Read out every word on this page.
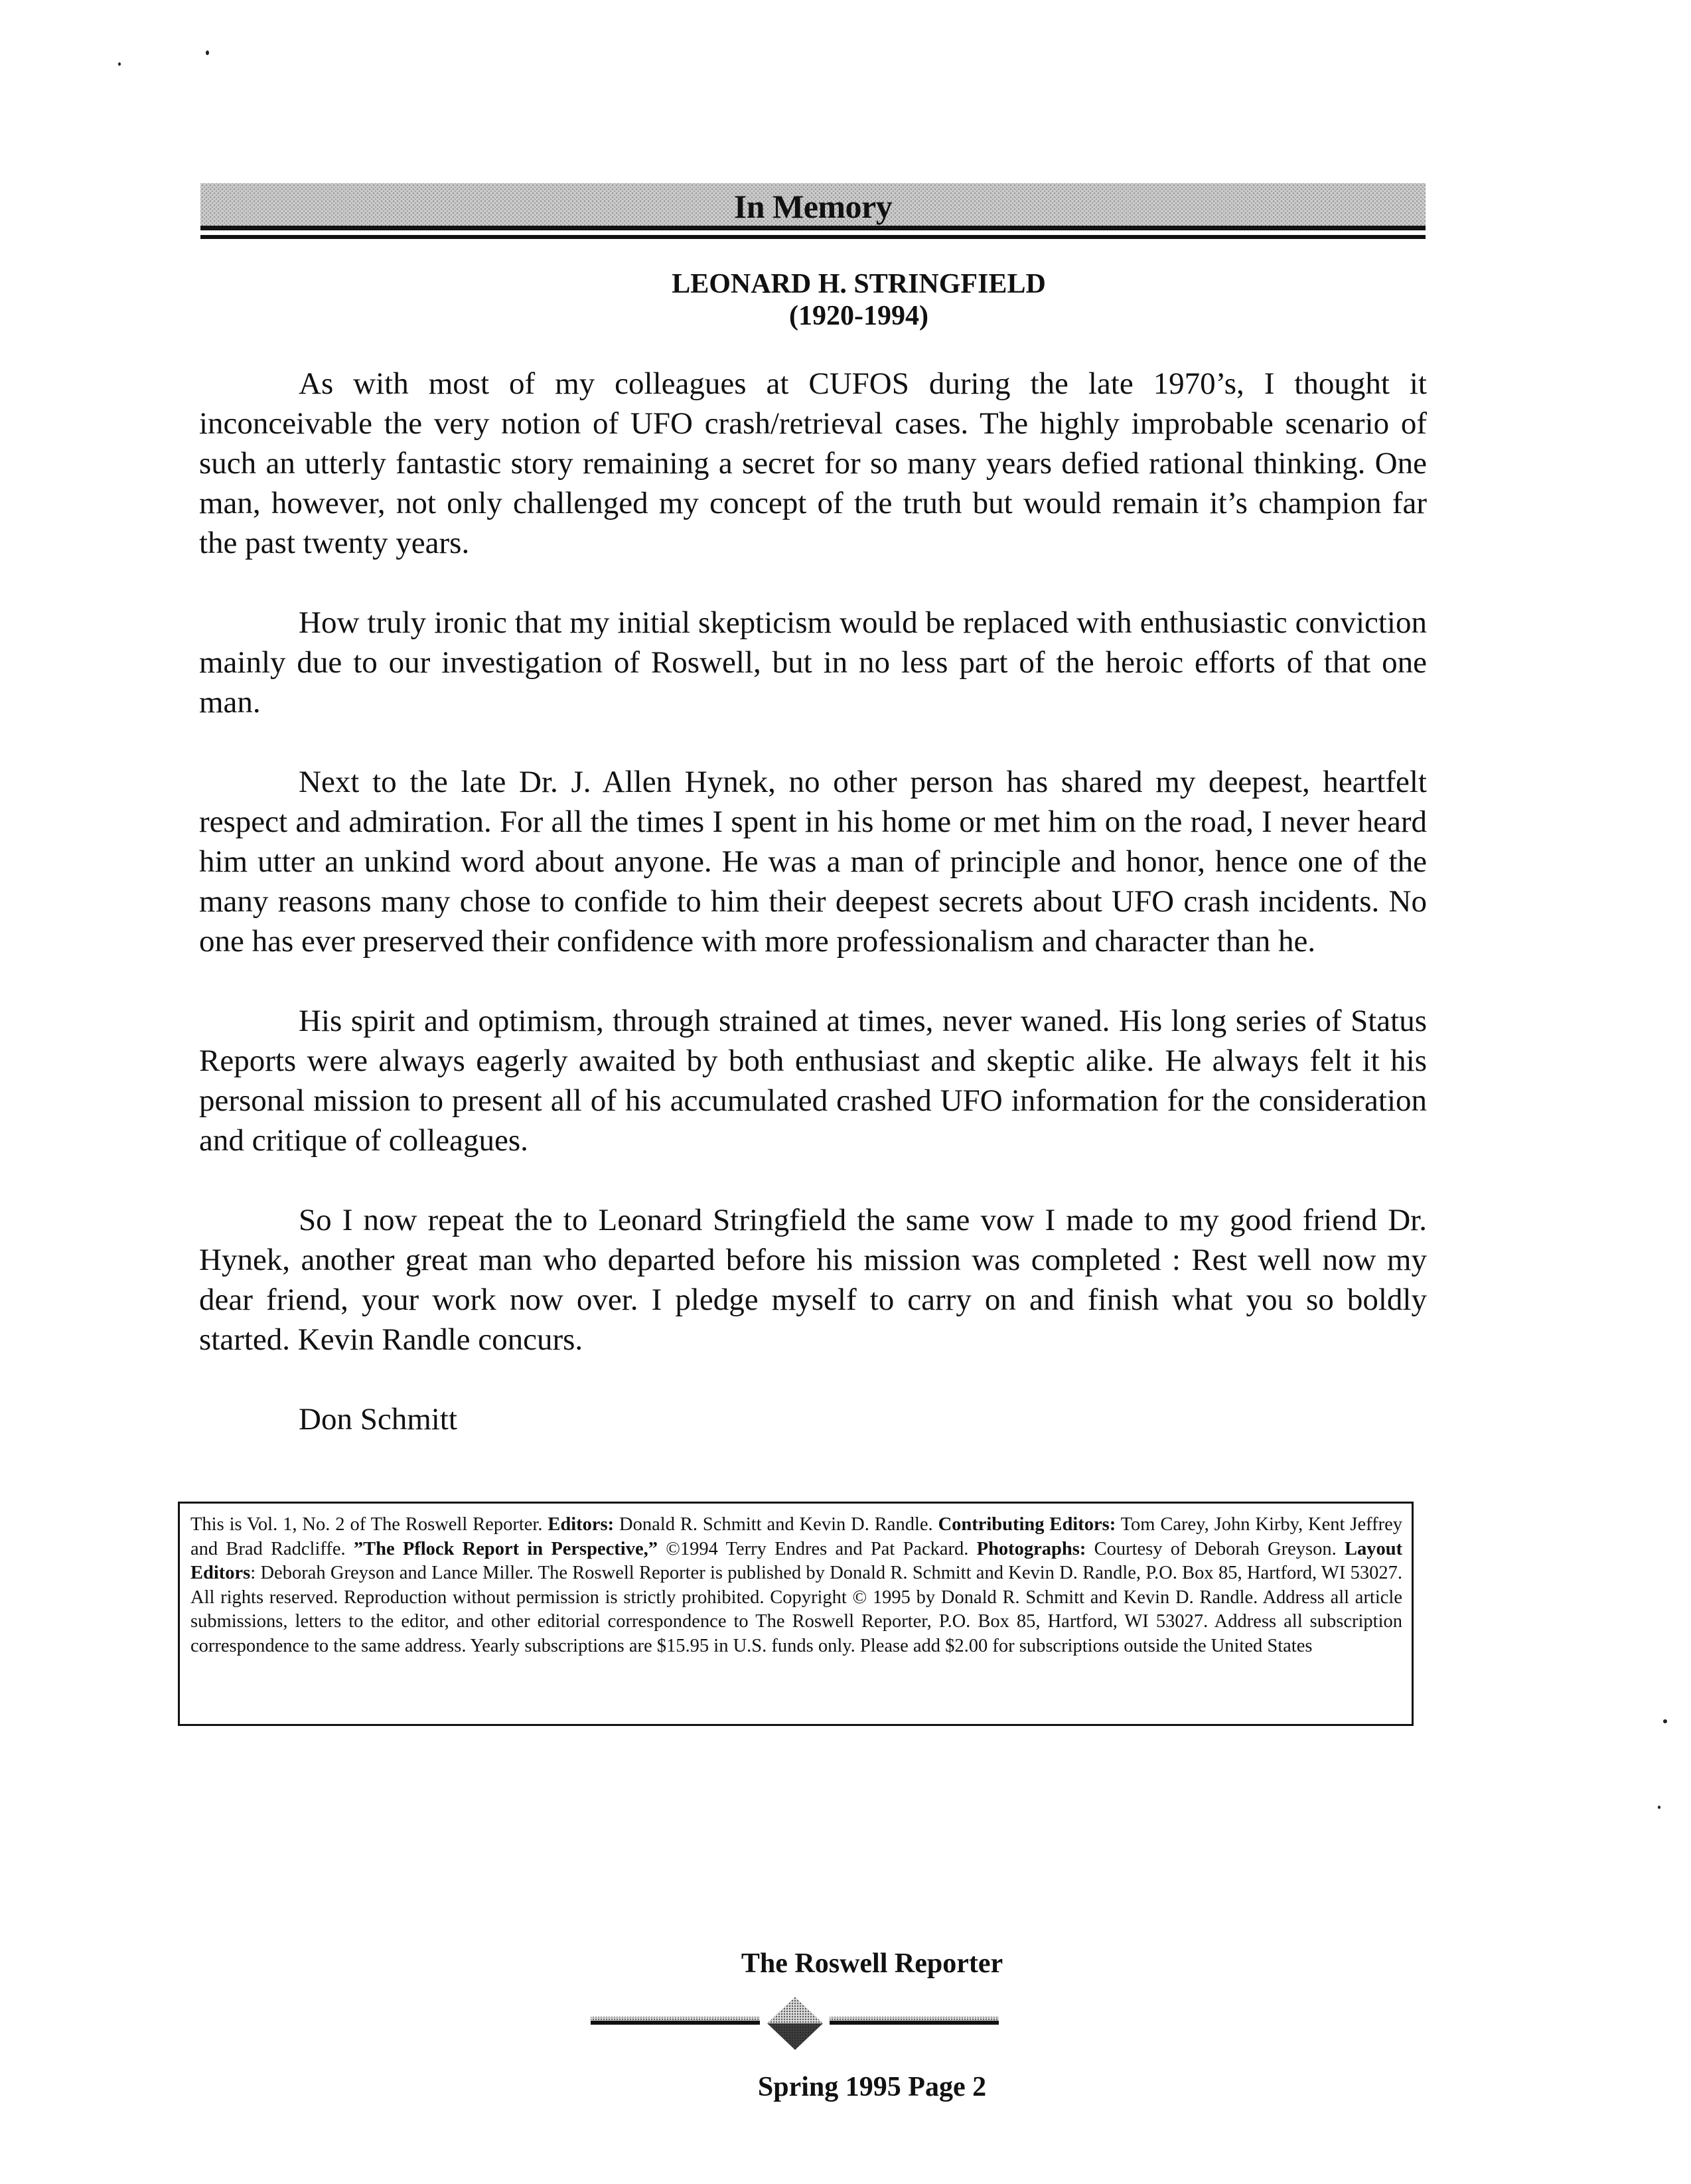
In Memory
LEONARD H. STRINGFIELD
(1920-1994)

As with most of my colleagues at CUFOS during the late 1970’s, I thought it inconceivable the very notion of UFO crash/retrieval cases. The highly improbable scenario of such an utterly fantastic story remaining a secret for so many years defied rational thinking. One man, however, not only challenged my concept of the truth but would remain it’s champion far the past twenty years.

How truly ironic that my initial skepticism would be replaced with enthusiastic conviction mainly due to our investigation of Roswell, but in no less part of the heroic efforts of that one man.

Next to the late Dr. J. Allen Hynek, no other person has shared my deepest, heartfelt respect and admiration. For all the times I spent in his home or met him on the road, I never heard him utter an unkind word about anyone. He was a man of principle and honor, hence one of the many reasons many chose to confide to him their deepest secrets about UFO crash incidents. No one has ever preserved their confidence with more professionalism and character than he.

His spirit and optimism, through strained at times, never waned. His long series of Status Reports were always eagerly awaited by both enthusiast and skeptic alike. He always felt it his personal mission to present all of his accumulated crashed UFO information for the consideration and critique of colleagues.

So I now repeat the to Leonard Stringfield the same vow I made to my good friend Dr. Hynek, another great man who departed before his mission was completed : Rest well now my dear friend, your work now over. I pledge myself to carry on and finish what you so boldly started. Kevin Randle concurs.

Don Schmitt

This is Vol. 1, No. 2 of The Roswell Reporter. Editors: Donald R. Schmitt and Kevin D. Randle. Contributing Editors: Tom Carey, John Kirby, Kent Jeffrey and Brad Radcliffe. ”The Pflock Report in Perspective,” ©1994 Terry Endres and Pat Packard. Photographs: Courtesy of Deborah Greyson. Layout Editors: Deborah Greyson and Lance Miller. The Roswell Reporter is published by Donald R. Schmitt and Kevin D. Randle, P.O. Box 85, Hartford, WI 53027. All rights reserved. Reproduction without permission is strictly prohibited. Copyright © 1995 by Donald R. Schmitt and Kevin D. Randle. Address all article submissions, letters to the editor, and other editorial correspondence to The Roswell Reporter, P.O. Box 85, Hartford, WI 53027. Address all subscription correspondence to the same address. Yearly subscriptions are $15.95 in U.S. funds only. Please add $2.00 for subscriptions outside the United States
The Roswell Reporter
Spring 1995 Page 2
